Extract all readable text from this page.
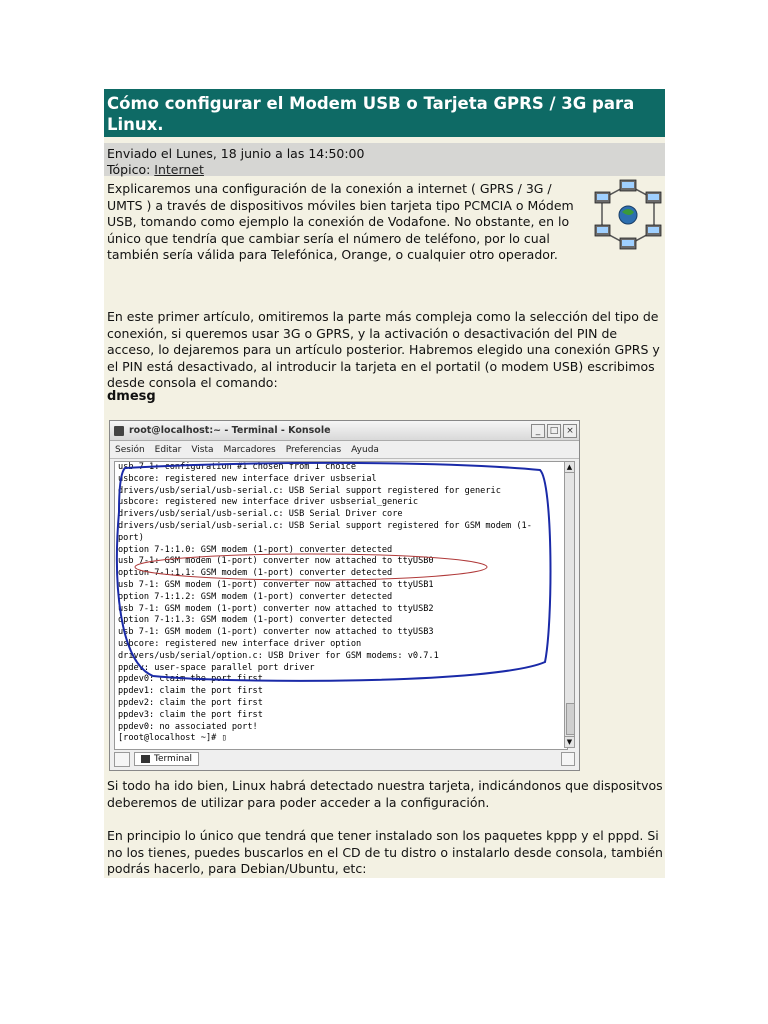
Cómo configurar el Modem USB o Tarjeta GPRS / 3G para Linux.
Enviado el Lunes, 18 junio a las 14:50:00
Tópico: Internet

Explicaremos una configuración de la conexión a internet ( GPRS / 3G / UMTS ) a través de dispositivos móviles bien tarjeta tipo PCMCIA o Módem USB, tomando como ejemplo la conexión de Vodafone. No obstante, en lo único que tendría que cambiar sería el número de teléfono, por lo cual también sería válida para Telefónica, Orange, o cualquier otro operador.

En este primer artículo, omitiremos la parte más compleja como la selección del tipo de conexión, si queremos usar 3G o GPRS, y la activación o desactivación del PIN de acceso, lo dejaremos para un artículo posterior. Habremos elegido una conexión GPRS y el PIN está desactivado, al introducir la tarjeta en el portatil (o modem USB) escribimos desde consola el comando:

dmesg
root@localhost:~ - Terminal - Konsole	_	□ ×
Sesión Editar Vista Marcadores Preferencias Ayuda
usb 7-1: configuration #1 chosen from 1 choice
usbcore: registered new interface driver usbserial
drivers/usb/serial/usb-serial.c: USB Serial support registered for generic
usbcore: registered new interface driver usbserial_generic
drivers/usb/serial/usb-serial.c: USB Serial Driver core
drivers/usb/serial/usb-serial.c: USB Serial support registered for GSM modem (1-
port)
option 7-1:1.0: GSM modem (1-port) converter detected
usb 7-1: GSM modem (1-port) converter now attached to ttyUSB0
option 7-1:1.1: GSM modem (1-port) converter detected
usb 7-1: GSM modem (1-port) converter now attached to ttyUSB1
option 7-1:1.2: GSM modem (1-port) converter detected
usb 7-1: GSM modem (1-port) converter now attached to ttyUSB2
option 7-1:1.3: GSM modem (1-port) converter detected
usb 7-1: GSM modem (1-port) converter now attached to ttyUSB3
usbcore: registered new interface driver option
drivers/usb/serial/option.c: USB Driver for GSM modems: v0.7.1
ppdev: user-space parallel port driver
ppdev0: claim the port first
ppdev1: claim the port first
ppdev2: claim the port first
ppdev3: claim the port first
ppdev0: no associated port!
[root@localhost ~]# ▯

▲
▼
Terminal

Si todo ha ido bien, Linux habrá detectado nuestra tarjeta, indicándonos que dispositvos deberemos de utilizar para poder acceder a la configuración.

En principio lo único que tendrá que tener instalado son los paquetes kppp y el pppd. Si no los tienes, puedes buscarlos en el CD de tu distro o instalarlo desde consola, también podrás hacerlo, para Debian/Ubuntu, etc:
